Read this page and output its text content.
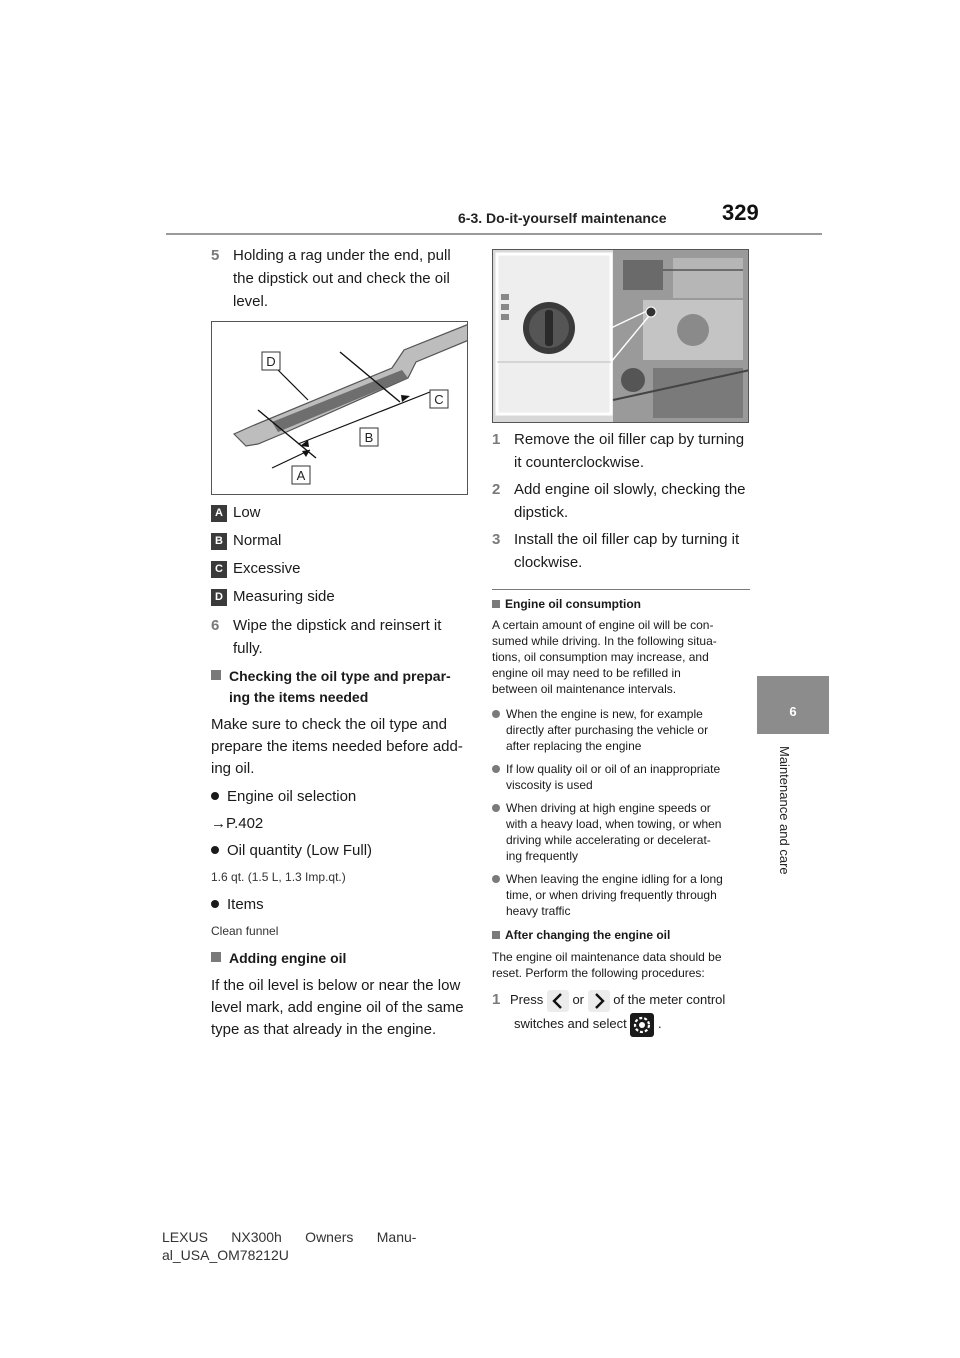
6-3. Do-it-yourself maintenance	329
6
Maintenance and care
5 Holding a rag under the end, pull
the dipstick out and check the oil
level.
D
C
B
A
A Low
B Normal
C Excessive
D Measuring side
6 Wipe the dipstick and reinsert it
fully.
Checking the oil type and prepar-
ing the items needed
Make sure to check the oil type and
prepare the items needed before add-
ing oil.
Engine oil selection
→P.402
Oil quantity (Low Full)
1.6 qt. (1.5 L, 1.3 Imp.qt.)
Items
Clean funnel
Adding engine oil
If the oil level is below or near the low
level mark, add engine oil of the same
type as that already in the engine.
1 Remove the oil filler cap by turning
it counterclockwise.
2 Add engine oil slowly, checking the
dipstick.
3 Install the oil filler cap by turning it
clockwise.
Engine oil consumption
A certain amount of engine oil will be con-
sumed while driving. In the following situa-
tions, oil consumption may increase, and
engine oil may need to be refilled in
between oil maintenance intervals.
When the engine is new, for example
directly after purchasing the vehicle or
after replacing the engine
If low quality oil or oil of an inappropriate
viscosity is used
When driving at high engine speeds or
with a heavy load, when towing, or when
driving while accelerating or decelerat-
ing frequently
When leaving the engine idling for a long
time, or when driving frequently through
heavy traffic
After changing the engine oil
The engine oil maintenance data should be
reset. Perform the following procedures:
1 Press or of the meter control
switches and select .
LEXUS      NX300h      Owners      Manu-
al_USA_OM78212U
